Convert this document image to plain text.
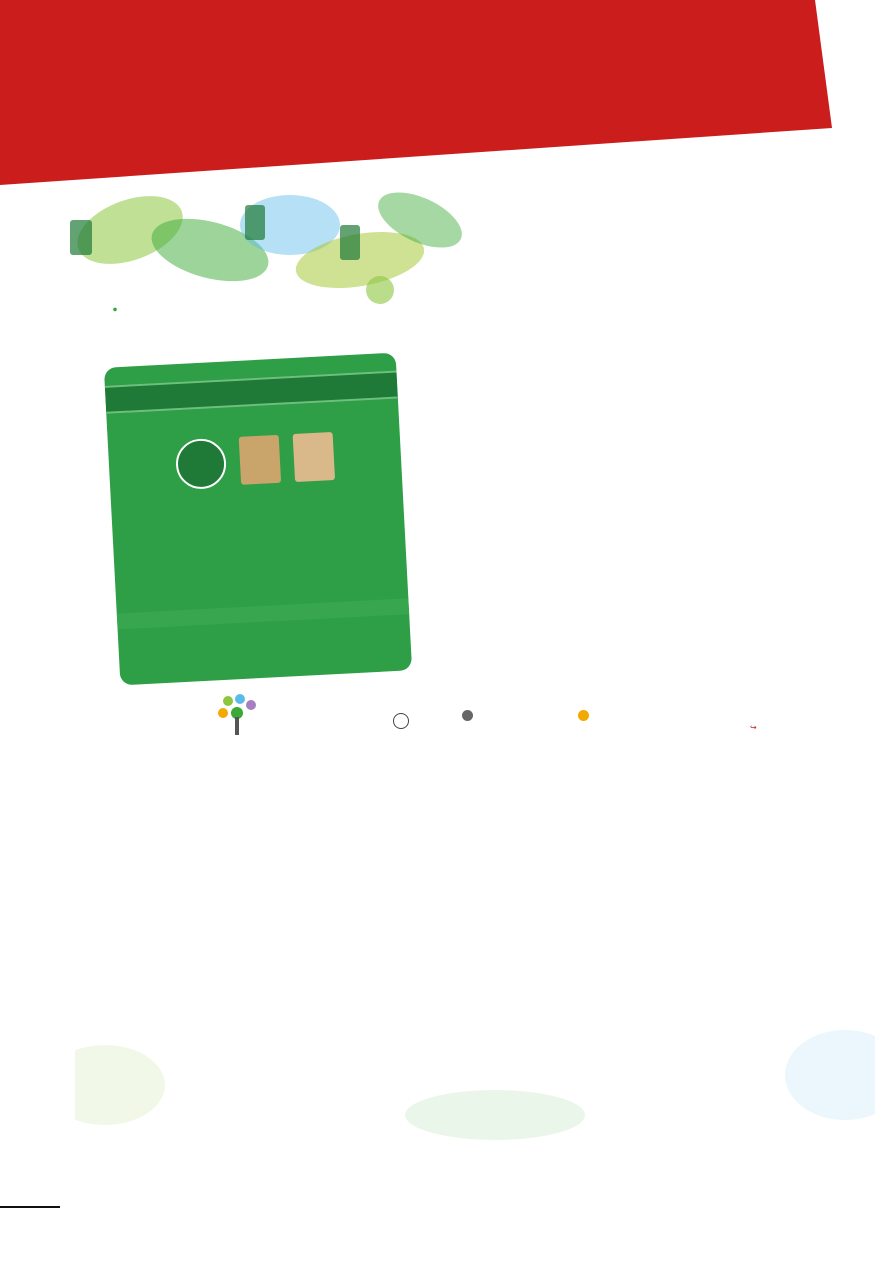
●

↪
